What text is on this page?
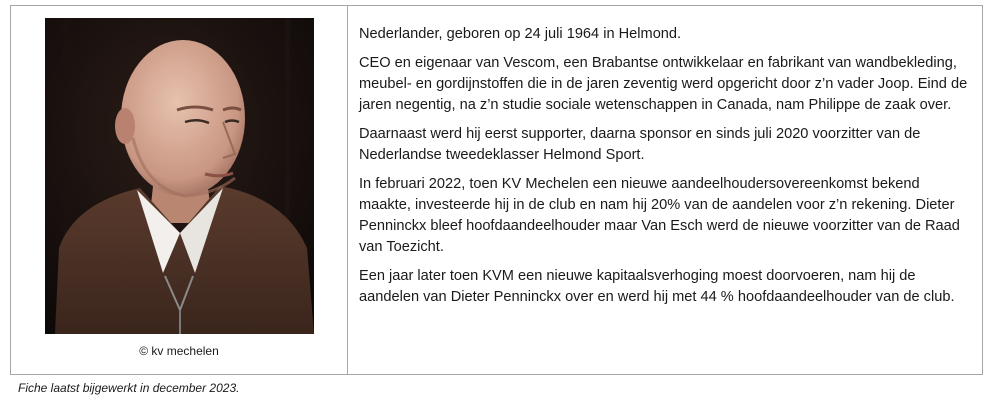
© kv mechelen

Nederlander, geboren op 24 juli 1964 in Helmond.

CEO en eigenaar van Vescom, een Brabantse ontwikkelaar en fabrikant van wandbekleding, meubel- en gordijnstoffen die in de jaren zeventig werd opgericht door z’n vader Joop. Eind de jaren negentig, na z’n studie sociale wetenschappen in Canada, nam Philippe de zaak over.

Daarnaast werd hij eerst supporter, daarna sponsor en sinds juli 2020 voorzitter van de Nederlandse tweedeklasser Helmond Sport.

In februari 2022, toen KV Mechelen een nieuwe aandeelhoudersovereenkomst bekend maakte, investeerde hij in de club en nam hij 20% van de aandelen voor z’n rekening. Dieter Penninckx bleef hoofdaandeelhouder maar Van Esch werd de nieuwe voorzitter van de Raad van Toezicht.

Een jaar later toen KVM een nieuwe kapitaalsverhoging moest doorvoeren, nam hij de aandelen van Dieter Penninckx over en werd hij met 44 % hoofdaandeelhouder van de club.

Fiche laatst bijgewerkt in december 2023.
